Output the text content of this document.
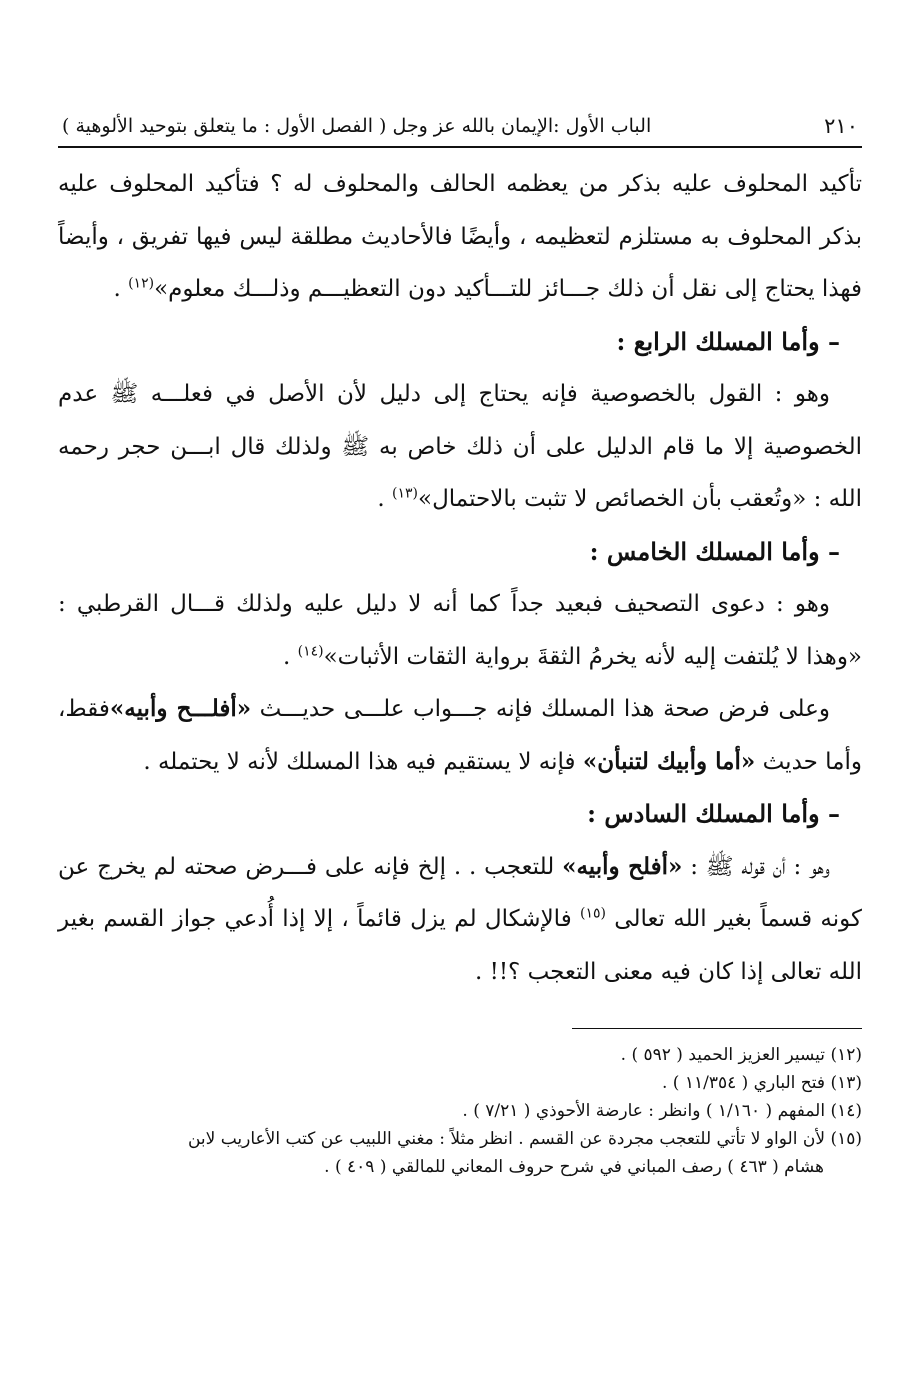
٢١٠
الباب الأول :الإيمان بالله عز وجل ( الفصل الأول : ما يتعلق بتوحيد الألوهية )

تأكيد المحلوف عليه بذكر من يعظمه الحالف والمحلوف له ؟ فتأكيد المحلوف عليه بذكر المحلوف به مستلزم لتعظيمه ، وأيضًا فالأحاديث مطلقة ليس فيها تفريق ، وأيضاً فهذا يحتاج إلى نقل أن ذلك جـــائز للتـــأكيد دون التعظيـــم وذلـــك معلوم»$^{(١٢)}$ .

– وأما المسلك الرابع :

وهو : القول بالخصوصية فإنه يحتاج إلى دليل لأن الأصل في فعلـــه ﷺ عدم الخصوصية إلا ما قام الدليل على أن ذلك خاص به ﷺ ولذلك قال ابـــن حجر رحمه الله : «وتُعقب بأن الخصائص لا تثبت بالاحتمال»$^{(١٣)}$ .

– وأما المسلك الخامس :

وهو : دعوى التصحيف فبعيد جداً كما أنه لا دليل عليه ولذلك قـــال القرطبي : «وهذا لا يُلتفت إليه لأنه يخرمُ الثقةَ برواية الثقات الأثبات»$^{(١٤)}$ .

وعلى فرض صحة هذا المسلك فإنه جـــواب علـــى حديـــث «أفلـــح وأبيه»فقط، وأما حديث «أما وأبيك لتنبأن» فإنه لا يستقيم فيه هذا المسلك لأنه لا يحتمله .

– وأما المسلك السادس :

وهو : أن قوله ﷺ : «أفلح وأبيه» للتعجب . . إلخ فإنه على فـــرض صحته لم يخرج عن كونه قسماً بغير الله تعالى $^{(١٥)}$ فالإشكال لم يزل قائماً ، إلا إذا أُدعي جواز القسم بغير الله تعالى إذا كان فيه معنى التعجب ؟!! .

(١٢) تيسير العزيز الحميد ( ٥٩٢ ) .

(١٣) فتح الباري ( ١١/٣٥٤ ) .

(١٤) المفهم ( ١/١٦٠ ) وانظر : عارضة الأحوذي ( ٧/٢١ ) .

(١٥) لأن الواو لا تأتي للتعجب مجردة عن القسم . انظر مثلاً : مغني اللبيب عن كتب الأعاريب لابن
هشام ( ٤٦٣ ) رصف المباني في شرح حروف المعاني للمالقي ( ٤٠٩ ) .
